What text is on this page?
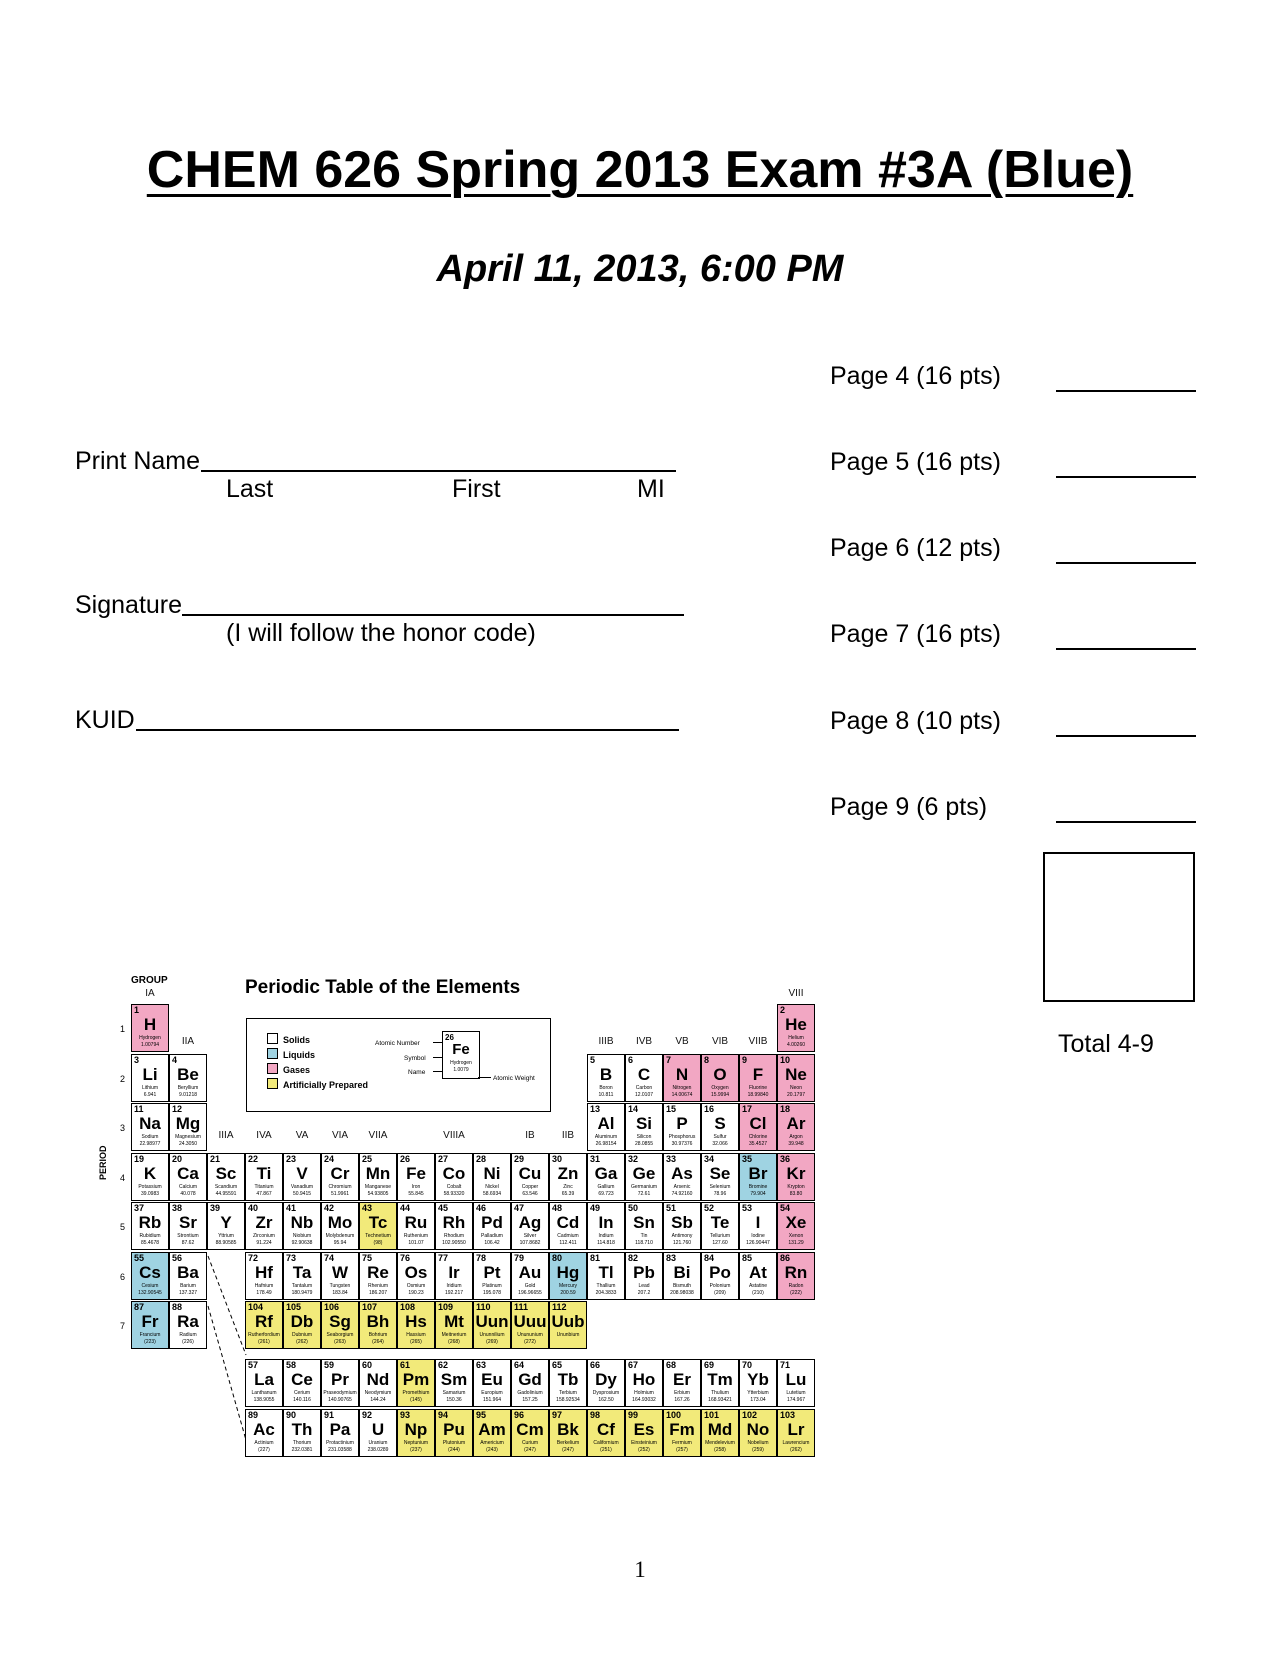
CHEM 626 Spring 2013 Exam #3A (Blue)
April 11, 2013, 6:00 PM
Print Name
Last	First	MI
Signature
(I will follow the honor code)
KUID
Page 4 (16 pts)
Page 5 (16 pts)
Page 6 (12 pts)
Page 7 (16 pts)
Page 8 (10 pts)
Page 9 (6 pts)
Total 4-9
Periodic Table of the Elements
GROUP
PERIOD
IA
IIA
IIIA	IVA	VA	VIA	VIIA	VIIIA	IB	IIB
IIIB	IVB	VB	VIB	VIIB
VIII
1
2
3
4
5
6
7
Solids
Liquids
Gases
Artificially Prepared
Atomic Number
Symbol
Name
Atomic Weight
26
Fe
Hydrogen
1.0079
1
H
Hydrogen
1.00794
2
He
Helium
4.00260
3
Li
Lithium
6.941
4
Be
Beryllium
9.01218
5
B
Boron
10.811
6
C
Carbon
12.0107
7
N
Nitrogen
14.00674
8
O
Oxygen
15.9994
9
F
Fluorine
18.99840
10
Ne
Neon
20.1797
11
Na
Sodium
22.98977
12
Mg
Magnesium
24.3050
13
Al
Aluminum
26.98154
14
Si
Silicon
28.0855
15
P
Phosphorus
30.97376
16
S
Sulfur
32.066
17
Cl
Chlorine
35.4527
18
Ar
Argon
39.948
19
K
Potassium
39.0983
20
Ca
Calcium
40.078
21
Sc
Scandium
44.95591
22
Ti
Titanium
47.867
23
V
Vanadium
50.9415
24
Cr
Chromium
51.9961
25
Mn
Manganese
54.93805
26
Fe
Iron
55.845
27
Co
Cobalt
58.93320
28
Ni
Nickel
58.6934
29
Cu
Copper
63.546
30
Zn
Zinc
65.39
31
Ga
Gallium
69.723
32
Ge
Germanium
72.61
33
As
Arsenic
74.92160
34
Se
Selenium
78.96
35
Br
Bromine
79.904
36
Kr
Krypton
83.80
37
Rb
Rubidium
85.4678
38
Sr
Strontium
87.62
39
Y
Yttrium
88.90585
40
Zr
Zirconium
91.224
41
Nb
Niobium
92.90638
42
Mo
Molybdenum
95.94
43
Tc
Technetium
(98)
44
Ru
Ruthenium
101.07
45
Rh
Rhodium
102.90550
46
Pd
Palladium
106.42
47
Ag
Silver
107.8682
48
Cd
Cadmium
112.411
49
In
Indium
114.818
50
Sn
Tin
118.710
51
Sb
Antimony
121.760
52
Te
Tellurium
127.60
53
I
Iodine
126.90447
54
Xe
Xenon
131.29
55
Cs
Cesium
132.90545
56
Ba
Barium
137.327
72
Hf
Hafnium
178.49
73
Ta
Tantalum
180.9479
74
W
Tungsten
183.84
75
Re
Rhenium
186.207
76
Os
Osmium
190.23
77
Ir
Iridium
192.217
78
Pt
Platinum
195.078
79
Au
Gold
196.96655
80
Hg
Mercury
200.59
81
Tl
Thallium
204.3833
82
Pb
Lead
207.2
83
Bi
Bismuth
208.98038
84
Po
Polonium
(209)
85
At
Astatine
(210)
86
Rn
Radon
(222)
87
Fr
Francium
(223)
88
Ra
Radium
(226)
104
Rf
Rutherfordium
(261)
105
Db
Dubnium
(262)
106
Sg
Seaborgium
(263)
107
Bh
Bohrium
(264)
108
Hs
Hassium
(265)
109
Mt
Meitnerium
(268)
110
Uun
Ununnilium
(269)
111
Uuu
Unununium
(272)
112
Uub
Ununbium
57
La
Lanthanum
138.9055
58
Ce
Cerium
140.116
59
Pr
Praseodymium
140.90765
60
Nd
Neodymium
144.24
61
Pm
Promethium
(145)
62
Sm
Samarium
150.36
63
Eu
Europium
151.964
64
Gd
Gadolinium
157.25
65
Tb
Terbium
158.92534
66
Dy
Dysprosium
162.50
67
Ho
Holmium
164.93032
68
Er
Erbium
167.26
69
Tm
Thulium
168.93421
70
Yb
Ytterbium
173.04
71
Lu
Lutetium
174.967
89
Ac
Actinium
(227)
90
Th
Thorium
232.0381
91
Pa
Protactinium
231.03588
92
U
Uranium
238.0289
93
Np
Neptunium
(237)
94
Pu
Plutonium
(244)
95
Am
Americium
(243)
96
Cm
Curium
(247)
97
Bk
Berkelium
(247)
98
Cf
Californium
(251)
99
Es
Einsteinium
(252)
100
Fm
Fermium
(257)
101
Md
Mendelevium
(258)
102
No
Nobelium
(259)
103
Lr
Lawrencium
(262)
1
